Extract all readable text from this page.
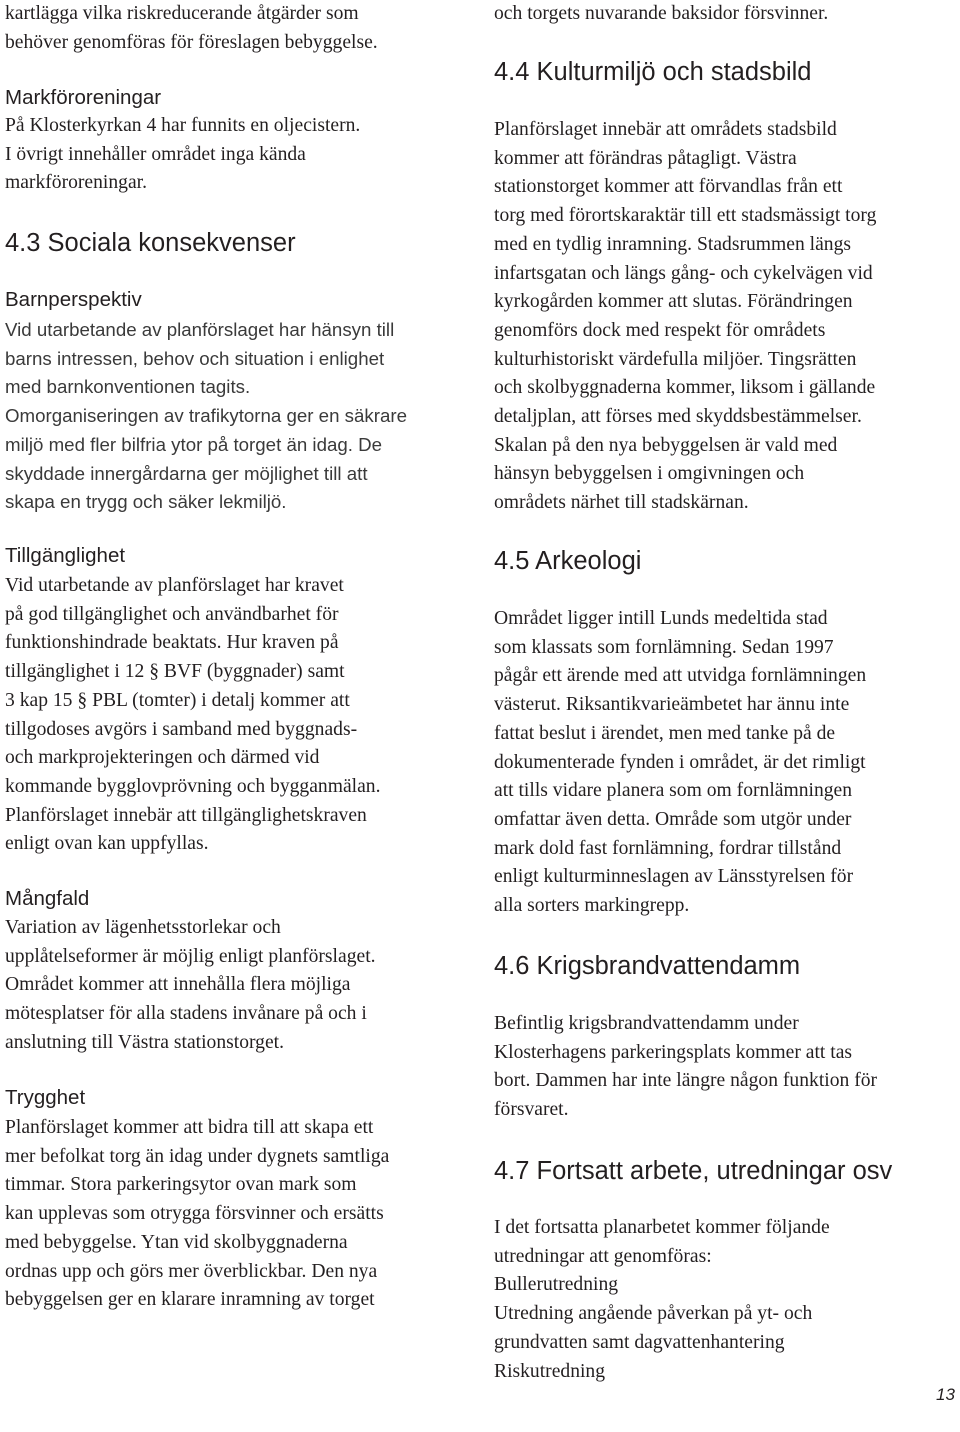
kartlägga vilka riskreducerande åtgärder som
behöver genomföras för föreslagen bebyggelse.

Markföroreningar

På Klosterkyrkan 4 har funnits en oljecistern.
I övrigt innehåller området inga kända
markföroreningar.

4.3 Sociala konsekvenser
Barnperspektiv

Vid utarbetande av planförslaget har hänsyn till
barns intressen, behov och situation i enlighet
med barnkonventionen tagits.
Omorganiseringen av trafikytorna ger en säkrare
miljö med fler bilfria ytor på torget än idag. De
skyddade innergårdarna ger möjlighet till att
skapa en trygg och säker lekmiljö.

Tillgänglighet

Vid utarbetande av planförslaget har kravet
på god tillgänglighet och användbarhet för
funktionshindrade beaktats. Hur kraven på
tillgänglighet i 12 § BVF (byggnader) samt
3 kap 15 § PBL (tomter) i detalj kommer att
tillgodoses avgörs i samband med byggnads-
och markprojekteringen och därmed vid
kommande bygglovprövning och bygganmälan.
Planförslaget innebär att tillgänglighetskraven
enligt ovan kan uppfyllas.

Mångfald

Variation av lägenhetsstorlekar och
upplåtelseformer är möjlig enligt planförslaget.
Området kommer att innehålla flera möjliga
mötesplatser för alla stadens invånare på och i
anslutning till Västra stationstorget.

Trygghet

Planförslaget kommer att bidra till att skapa ett
mer befolkat torg än idag under dygnets samtliga
timmar. Stora parkeringsytor ovan mark som
kan upplevas som otrygga försvinner och ersätts
med bebyggelse. Ytan vid skolbyggnaderna
ordnas upp och görs mer överblickbar. Den nya
bebyggelsen ger en klarare inramning av torget

och torgets nuvarande baksidor försvinner.

4.4 Kulturmiljö och stadsbild

Planförslaget innebär att områdets stadsbild
kommer att förändras påtagligt. Västra
stationstorget kommer att förvandlas från ett
torg med förortskaraktär till ett stadsmässigt torg
med en tydlig inramning. Stadsrummen längs
infartsgatan och längs gång- och cykelvägen vid
kyrkogården kommer att slutas. Förändringen
genomförs dock med respekt för områdets
kulturhistoriskt värdefulla miljöer. Tingsrätten
och skolbyggnaderna kommer, liksom i gällande
detaljplan, att förses med skyddsbestämmelser.
Skalan på den nya bebyggelsen är vald med
hänsyn bebyggelsen i omgivningen och
områdets närhet till stadskärnan.

4.5 Arkeologi

Området ligger intill Lunds medeltida stad
som klassats som fornlämning. Sedan 1997
pågår ett ärende med att utvidga fornlämningen
västerut. Riksantikvarieämbetet har ännu inte
fattat beslut i ärendet, men med tanke på de
dokumenterade fynden i området, är det rimligt
att tills vidare planera som om fornlämningen
omfattar även detta. Område som utgör under
mark dold fast fornlämning, fordrar tillstånd
enligt kulturminneslagen av Länsstyrelsen för
alla sorters markingrepp.

4.6 Krigsbrandvattendamm

Befintlig krigsbrandvattendamm under
Klosterhagens parkeringsplats kommer att tas
bort. Dammen har inte längre någon funktion för
försvaret.

4.7 Fortsatt arbete, utredningar osv

I det fortsatta planarbetet kommer följande
utredningar att genomföras:
Bullerutredning
Utredning angående påverkan på yt- och
grundvatten samt dagvattenhantering
Riskutredning

13
